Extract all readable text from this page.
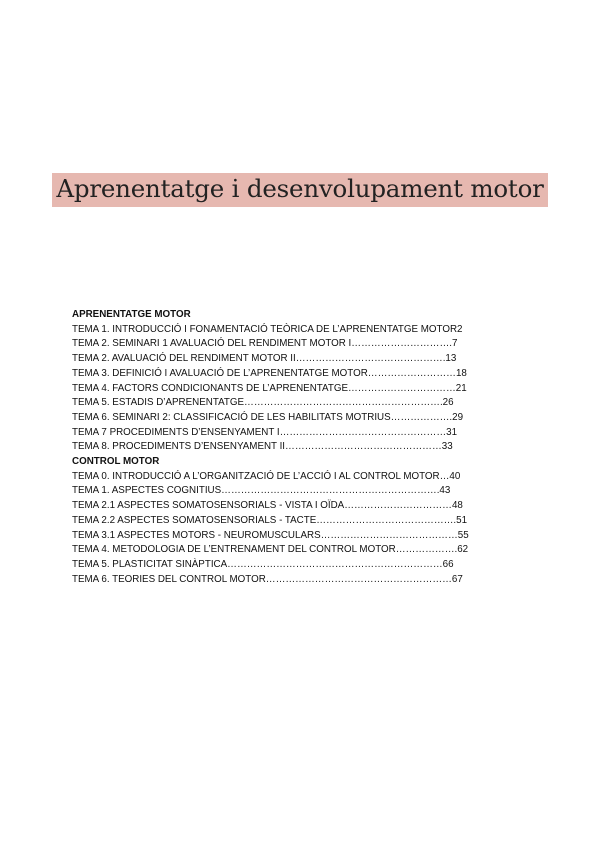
Aprenentatge i desenvolupament motor
APRENENTATGE MOTOR
TEMA 1. INTRODUCCIÓ I FONAMENTACIÓ TEÒRICA DE L’APRENENTATGE MOTOR2
TEMA 2. SEMINARI 1 AVALUACIÓ DEL RENDIMENT MOTOR I………………………….7
TEMA 2. AVALUACIÓ DEL RENDIMENT MOTOR II……………………………………….13
TEMA 3. DEFINICIÓ I AVALUACIÓ DE L’APRENENTATGE MOTOR………………………18
TEMA 4. FACTORS CONDICIONANTS DE L’APRENENTATGE……………………………21
TEMA 5. ESTADIS D’APRENENTATGE…………………………………………………….26
TEMA 6. SEMINARI 2: CLASSIFICACIÓ DE LES HABILITATS MOTRIUS……………….29
TEMA 7 PROCEDIMENTS D’ENSENYAMENT I……………………………………………31
TEMA 8. PROCEDIMENTS D’ENSENYAMENT II…………………………………………33
CONTROL MOTOR
TEMA 0. INTRODUCCIÓ A L’ORGANITZACIÓ DE L’ACCIÓ I AL CONTROL MOTOR…40
TEMA 1. ASPECTES COGNITIUS………………………………………………………….43
TEMA 2.1 ASPECTES SOMATOSENSORIALS - VISTA I OÏDA……………………………48
TEMA 2.2 ASPECTES SOMATOSENSORIALS - TACTE…………………………………….51
TEMA 3.1 ASPECTES MOTORS - NEUROMUSCULARS……………………………………55
TEMA 4. METODOLOGIA DE L’ENTRENAMENT DEL CONTROL MOTOR……………….62
TEMA 5. PLASTICITAT SINÀPTICA…………………………………………………………66
TEMA 6. TEORIES DEL CONTROL MOTOR…………………………………………………67
